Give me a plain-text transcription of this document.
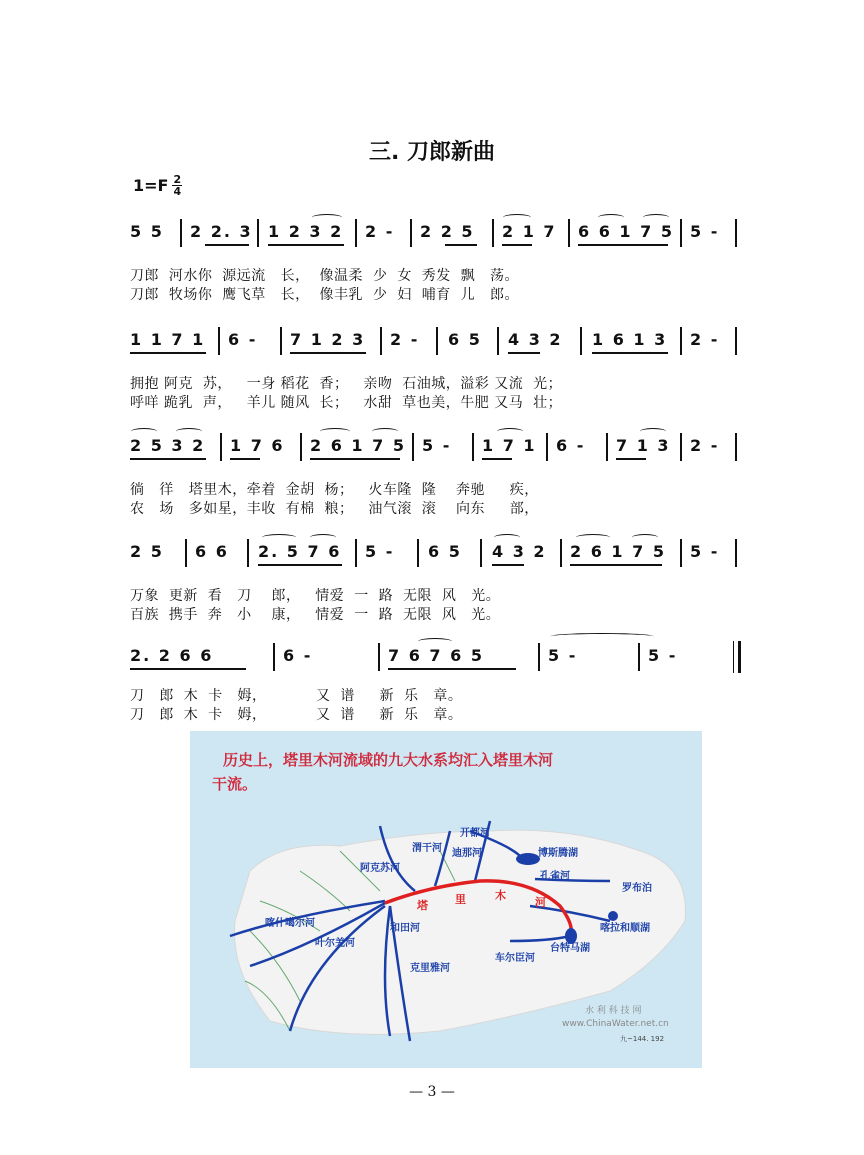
三. 刀郎新曲
$1=F \frac{2}{4}$
5 5 2 2. 3 1 2 3 2 2 - 2 2 5 2 1 7 6 6 1 7 5 5 -
刀郎  河水你  源远流   长，  像温柔  少  女  秀发  飘   荡。
刀郎  牧场你  鹰飞草   长，  像丰乳  少  妇  哺育  儿   郎。
1 1 7 1 6 - 7 1 2 3 2 - 6 5 4 3 2 1 6 1 3 2 -
拥抱 阿克  苏，   一身 稻花  香；   亲吻  石油城，溢彩 又流  光；
呼咩 跪乳  声，   羊儿 随风  长；   水甜  草也美，牛肥 又马  壮；
2 5 3 2 1 7 6 2 6 1 7 5 5 - 1 7 1 6 - 7 1 3 2 -
徜   徉   塔里木，牵着  金胡  杨；   火车隆  隆    奔驰     疾，
农   场   多如星，丰收  有棉  粮；   油气滚  滚    向东     部，
2 5 6 6 2. 5 7 6 5 - 6 5 4 3 2 2 6 1 7 5 5 -
万象  更新  看   刀    郎，   情爱  一  路  无限  风   光。
百族  携手  奔   小    康，   情爱  一  路  无限  风   光。
2. 2 6 6	6 -	7 6 7 6 5	5 -	5 -
刀   郎  木  卡   姆，          又  谱     新  乐   章。
刀   郎  木  卡   姆，          又  谱     新  乐   章。
历史上，塔里木河流域的九大水系均汇入塔里木河
干流。
喀什噶尔河
叶尔羌河
阿克苏河
渭干河
开都河
迪那河
和田河
克里雅河
车尔臣河
孔雀河
博斯腾湖
罗布泊
台特马湖
喀拉和顺湖
塔 里	木
河
水 利 科 技 网
www.ChinaWater.net.cn
九~144. 192
— 3 —
